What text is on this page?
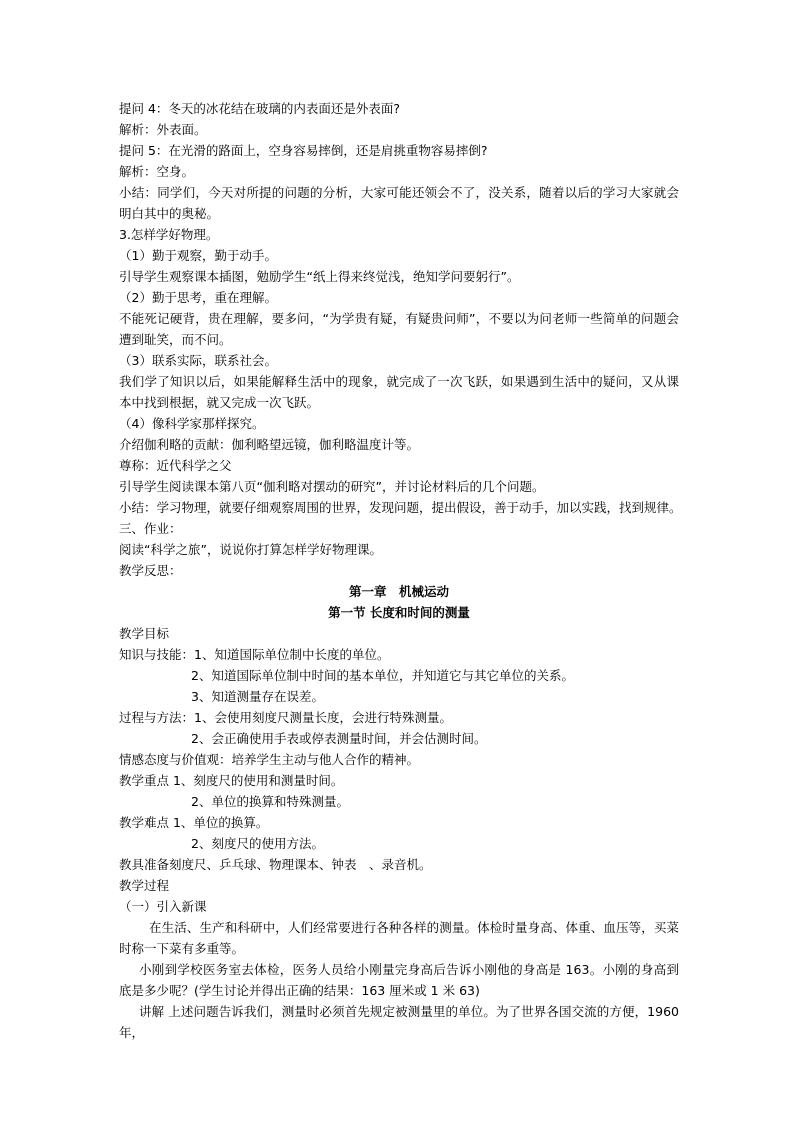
提问 4：冬天的冰花结在玻璃的内表面还是外表面?
解析：外表面。
提问 5：在光滑的路面上，空身容易摔倒，还是肩挑重物容易摔倒?
解析：空身。
小结：同学们，今天对所提的问题的分析，大家可能还领会不了，没关系，随着以后的学习大家就会明白其中的奥秘。
3.怎样学好物理。
（1）勤于观察，勤于动手。
引导学生观察课本插图，勉励学生“纸上得来终觉浅，绝知学问要躬行”。
（2）勤于思考，重在理解。
不能死记硬背，贵在理解，要多问，“为学贵有疑，有疑贵问师”，不要以为问老师一些简单的问题会遭到耻笑，而不问。
（3）联系实际，联系社会。
我们学了知识以后，如果能解释生活中的现象，就完成了一次飞跃，如果遇到生活中的疑问，又从课本中找到根据，就又完成一次飞跃。
（4）像科学家那样探究。
介绍伽利略的贡献：伽利略望远镜，伽利略温度计等。
尊称：近代科学之父
引导学生阅读课本第八页“伽利略对摆动的研究”，并讨论材料后的几个问题。
小结：学习物理，就要仔细观察周围的世界，发现问题，提出假设，善于动手，加以实践，找到规律。
三、作业：
阅读“科学之旅”，说说你打算怎样学好物理课。
教学反思：
第一章　机械运动
第一节 长度和时间的测量
教学目标
知识与技能：1、知道国际单位制中长度的单位。
2、知道国际单位制中时间的基本单位，并知道它与其它单位的关系。
3、知道测量存在误差。
过程与方法：1、会使用刻度尺测量长度，会进行特殊测量。
2、会正确使用手表或停表测量时间，并会估测时间。
情感态度与价值观：培养学生主动与他人合作的精神。
教学重点 1、刻度尺的使用和测量时间。
2、单位的换算和特殊测量。
教学难点 1、单位的换算。
2、刻度尺的使用方法。
教具准备刻度尺、乒乓球、物理课本、钟表　、录音机。
教学过程
（一）引入新课
在生活、生产和科研中，人们经常要进行各种各样的测量。体检时量身高、体重、血压等，买菜时称一下菜有多重等。
小刚到学校医务室去体检，医务人员给小刚量完身高后告诉小刚他的身高是 163。小刚的身高到底是多少呢？(学生讨论并得出正确的结果：163 厘米或 1 米 63)
讲解 上述问题告诉我们，测量时必须首先规定被测量里的单位。为了世界各国交流的方便，1960 年，
